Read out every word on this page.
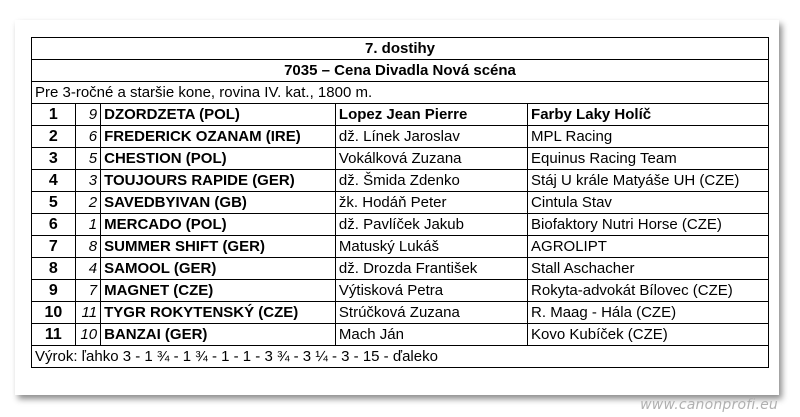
7. dostihy				
7035 – Cena Divadla Nová scéna				
Pre 3-ročné a staršie kone, rovina IV. kat., 1800 m.				
1	9	DZORDZETA (POL)	Lopez Jean Pierre	Farby Laky Holíč
2	6	FREDERICK OZANAM (IRE)	dž. Línek Jaroslav	MPL Racing
3	5	CHESTION (POL)	Vokálková Zuzana	Equinus Racing Team
4	3	TOUJOURS RAPIDE (GER)	dž. Šmida Zdenko	Stáj U krále Matyáše UH (CZE)
5	2	SAVEDBYIVAN (GB)	žk. Hodáň Peter	Cintula Stav
6	1	MERCADO (POL)	dž. Pavlíček Jakub	Biofaktory Nutri Horse (CZE)
7	8	SUMMER SHIFT (GER)	Matuský Lukáš	AGROLIPT
8	4	SAMOOL (GER)	dž. Drozda František	Stall Aschacher
9	7	MAGNET (CZE)	Výtisková Petra	Rokyta-advokát Bílovec (CZE)
10	11	TYGR ROKYTENSKÝ (CZE)	Strúčková Zuzana	R. Maag - Hála (CZE)
11	10	BANZAI (GER)	Mach Ján	Kovo Kubíček (CZE)
Výrok: ľahko 3 - 1 ¾ - 1 ¾ - 1 - 1 - 3 ¾ - 3 ¼ - 3 - 15 - ďaleko				
www.canonprofi.eu
